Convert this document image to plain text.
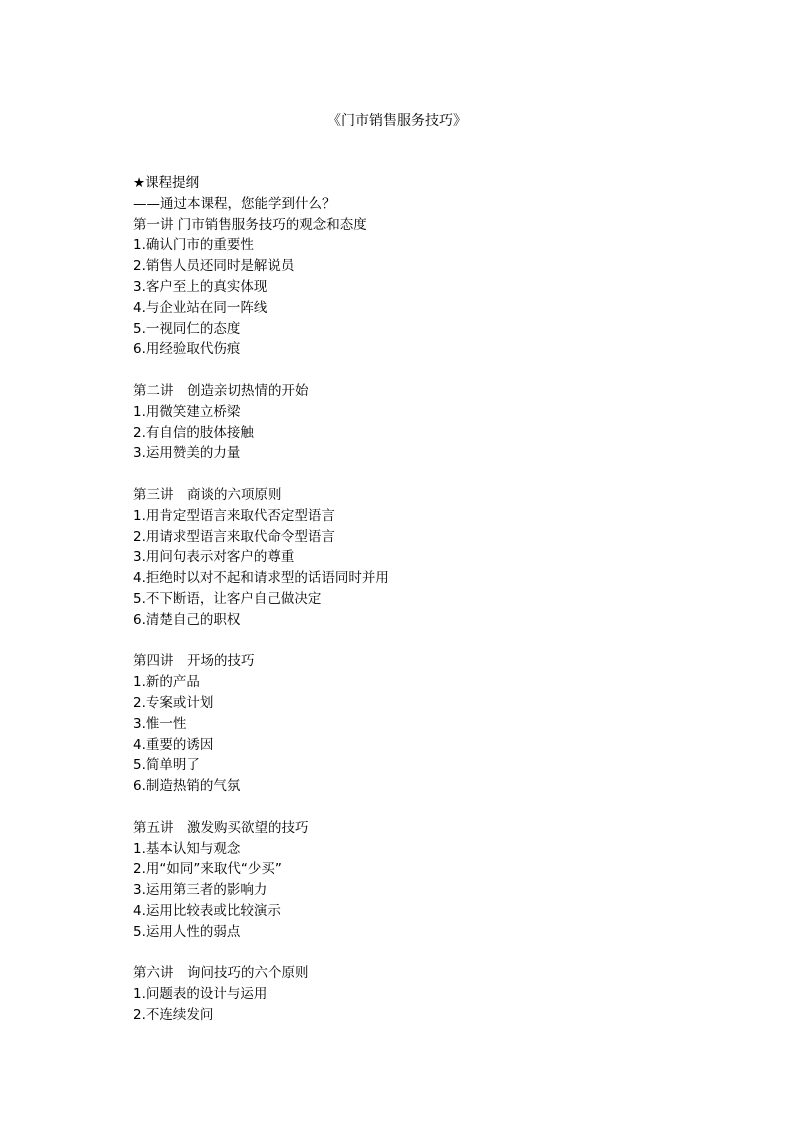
《门市销售服务技巧》
★课程提纲
——通过本课程，您能学到什么？
第一讲 门市销售服务技巧的观念和态度
1.确认门市的重要性
2.销售人员还同时是解说员
3.客户至上的真实体现
4.与企业站在同一阵线
5.一视同仁的态度
6.用经验取代伤痕
第二讲　创造亲切热情的开始
1.用微笑建立桥梁
2.有自信的肢体接触
3.运用赞美的力量
第三讲　商谈的六项原则
1.用肯定型语言来取代否定型语言
2.用请求型语言来取代命令型语言
3.用问句表示对客户的尊重
4.拒绝时以对不起和请求型的话语同时并用
5.不下断语，让客户自己做决定
6.清楚自己的职权
第四讲　开场的技巧
1.新的产品
2.专案或计划
3.惟一性
4.重要的诱因
5.简单明了
6.制造热销的气氛
第五讲　激发购买欲望的技巧
1.基本认知与观念
2.用“如同”来取代“少买”
3.运用第三者的影响力
4.运用比较表或比较演示
5.运用人性的弱点
第六讲　询问技巧的六个原则
1.问题表的设计与运用
2.不连续发问
